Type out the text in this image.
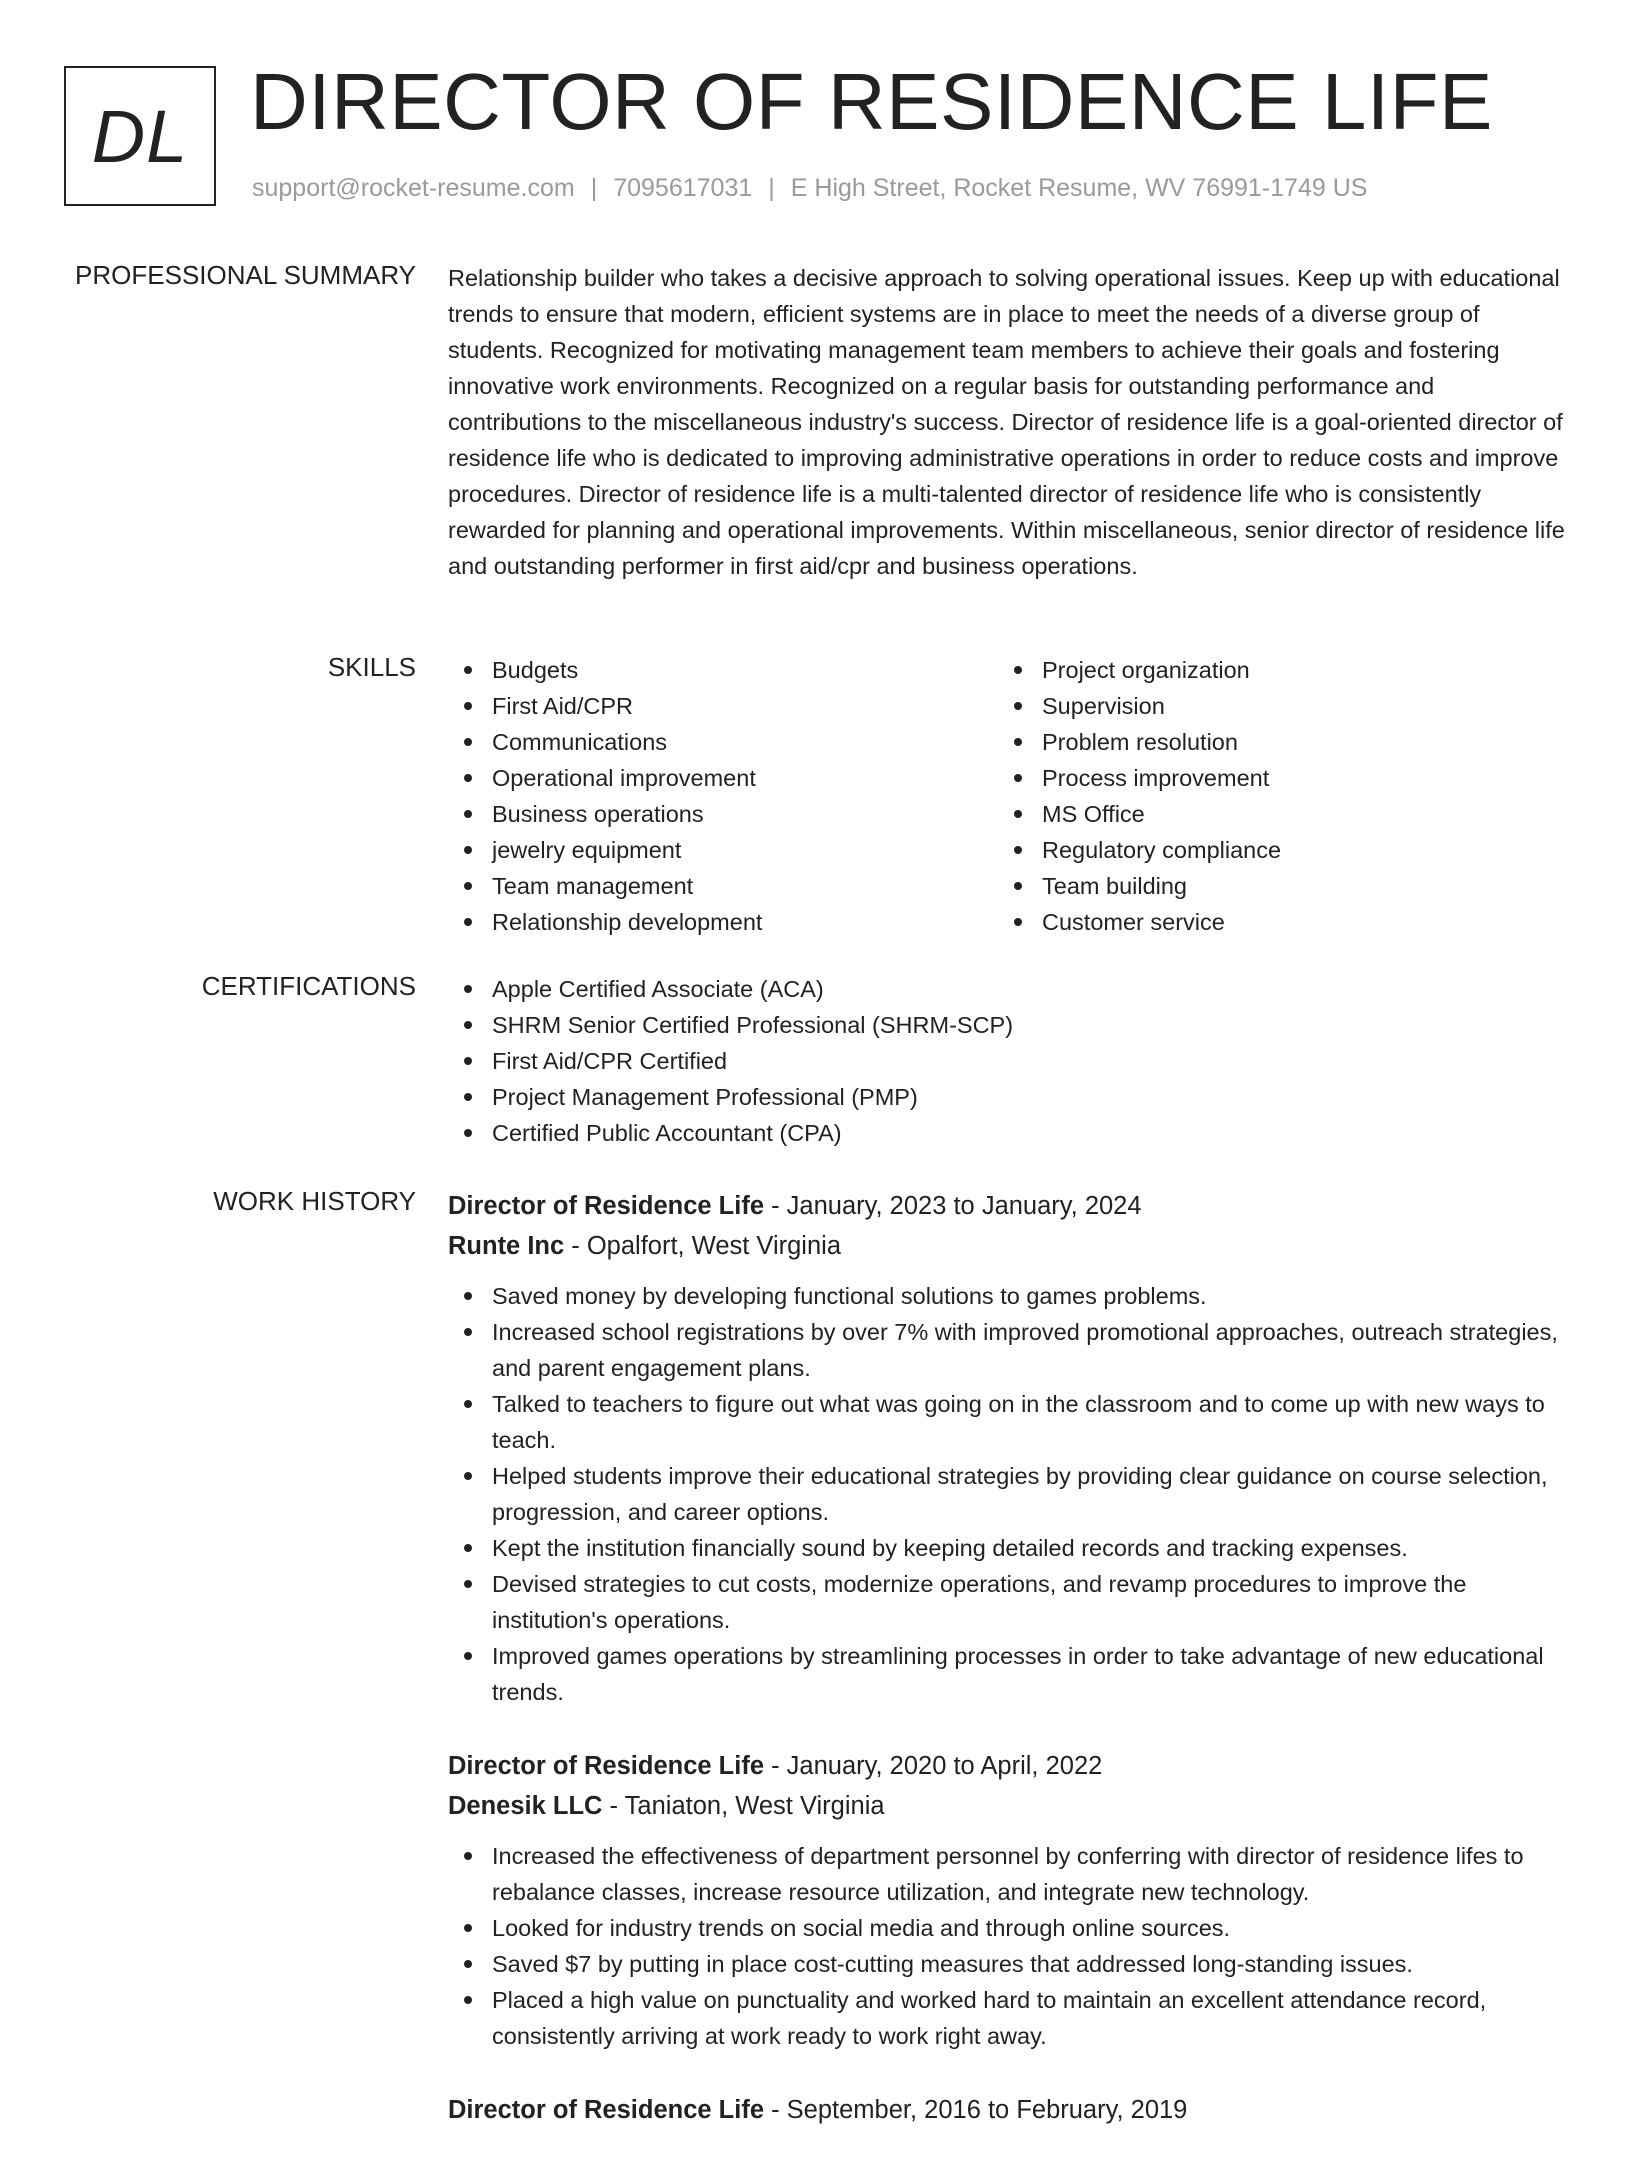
DL DIRECTOR OF RESIDENCE LIFE
support@rocket-resume.com | 7095617031 | E High Street, Rocket Resume, WV 76991-1749 US
PROFESSIONAL SUMMARY Relationship builder who takes a decisive approach to solving operational issues. Keep up with educational trends to ensure that modern, efficient systems are in place to meet the needs of a diverse group of students. Recognized for motivating management team members to achieve their goals and fostering innovative work environments. Recognized on a regular basis for outstanding performance and contributions to the miscellaneous industry's success. Director of residence life is a goal-oriented director of residence life who is dedicated to improving administrative operations in order to reduce costs and improve procedures. Director of residence life is a multi-talented director of residence life who is consistently rewarded for planning and operational improvements. Within miscellaneous, senior director of residence life and outstanding performer in first aid/cpr and business operations.

SKILLS	Budgets
First Aid/CPR
Communications
Operational improvement
Business operations
jewelry equipment
Team management
Relationship development
Project organization
Supervision
Problem resolution
Process improvement
MS Office
Regulatory compliance
Team building
Customer service
CERTIFICATIONS	Apple Certified Associate (ACA)
SHRM Senior Certified Professional (SHRM-SCP)
First Aid/CPR Certified
Project Management Professional (PMP)
Certified Public Accountant (CPA)
WORK HISTORY Director of Residence Life - January, 2023 to January, 2024
Runte Inc - Opalfort, West Virginia
Saved money by developing functional solutions to games problems.
Increased school registrations by over 7% with improved promotional approaches, outreach strategies, and parent engagement plans.
Talked to teachers to figure out what was going on in the classroom and to come up with new ways to teach.
Helped students improve their educational strategies by providing clear guidance on course selection, progression, and career options.
Kept the institution financially sound by keeping detailed records and tracking expenses.
Devised strategies to cut costs, modernize operations, and revamp procedures to improve the institution's operations.
Improved games operations by streamlining processes in order to take advantage of new educational trends.
Director of Residence Life - January, 2020 to April, 2022
Denesik LLC - Taniaton, West Virginia
Increased the effectiveness of department personnel by conferring with director of residence lifes to rebalance classes, increase resource utilization, and integrate new technology.
Looked for industry trends on social media and through online sources.
Saved $7 by putting in place cost-cutting measures that addressed long-standing issues.
Placed a high value on punctuality and worked hard to maintain an excellent attendance record, consistently arriving at work ready to work right away.
Director of Residence Life - September, 2016 to February, 2019
